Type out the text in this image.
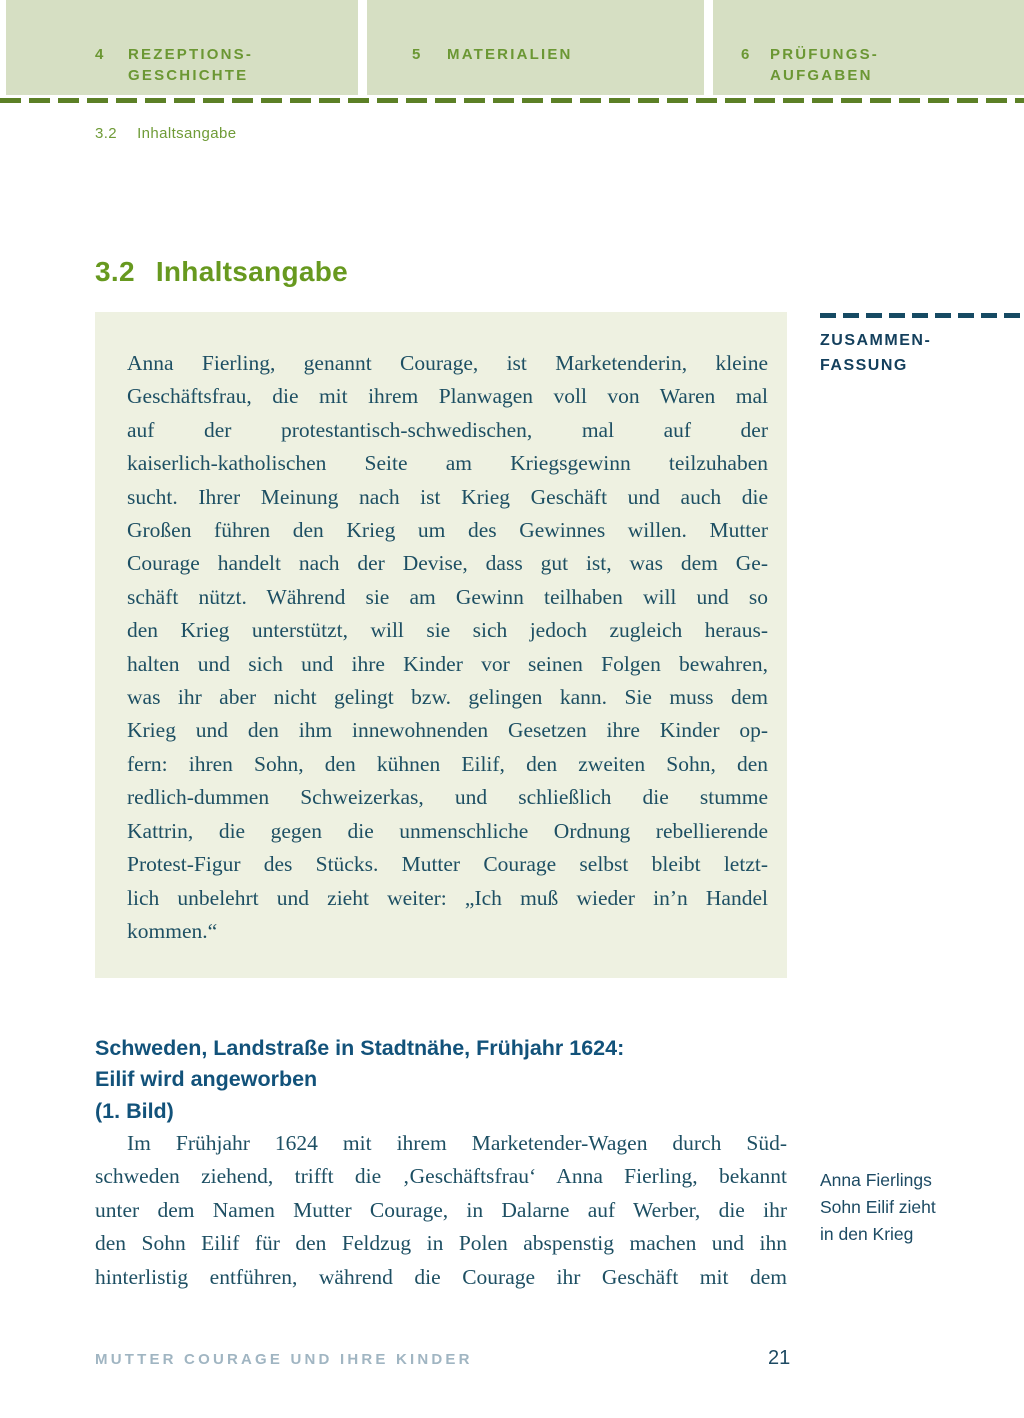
4	REZEPTIONS-
GESCHICHTE
5	MATERIALIEN	6	PRÜFUNGS-
AUFGABEN
3.2 Inhaltsangabe
3.2 Inhaltsangabe
Anna Fierling, genannt Courage, ist Marketenderin, kleine
Geschäftsfrau, die mit ihrem Planwagen voll von Waren mal
auf der protestantisch-schwedischen, mal auf der
kaiserlich-katholischen Seite am Kriegsgewinn teilzuhaben
sucht. Ihrer Meinung nach ist Krieg Geschäft und auch die
Großen führen den Krieg um des Gewinnes willen. Mutter
Courage handelt nach der Devise, dass gut ist, was dem Ge-
schäft nützt. Während sie am Gewinn teilhaben will und so
den Krieg unterstützt, will sie sich jedoch zugleich heraus-
halten und sich und ihre Kinder vor seinen Folgen bewahren,
was ihr aber nicht gelingt bzw. gelingen kann. Sie muss dem
Krieg und den ihm innewohnenden Gesetzen ihre Kinder op-
fern: ihren Sohn, den kühnen Eilif, den zweiten Sohn, den
redlich-dummen Schweizerkas, und schließlich die stumme
Kattrin, die gegen die unmenschliche Ordnung rebellierende
Protest-Figur des Stücks. Mutter Courage selbst bleibt letzt-
lich unbelehrt und zieht weiter: „Ich muß wieder in’n Handel
kommen.“
ZUSAMMEN-
FASSUNG
Schweden, Landstraße in Stadtnähe, Frühjahr 1624:
Eilif wird angeworben
(1. Bild)
Im Frühjahr 1624 mit ihrem Marketender-Wagen durch Süd-
schweden ziehend, trifft die ‚Geschäftsfrau‘ Anna Fierling, bekannt
unter dem Namen Mutter Courage, in Dalarne auf Werber, die ihr
den Sohn Eilif für den Feldzug in Polen abspenstig machen und ihn
hinterlistig entführen, während die Courage ihr Geschäft mit dem
Anna Fierlings
Sohn Eilif zieht
in den Krieg
MUTTER COURAGE UND IHRE KINDER	21
